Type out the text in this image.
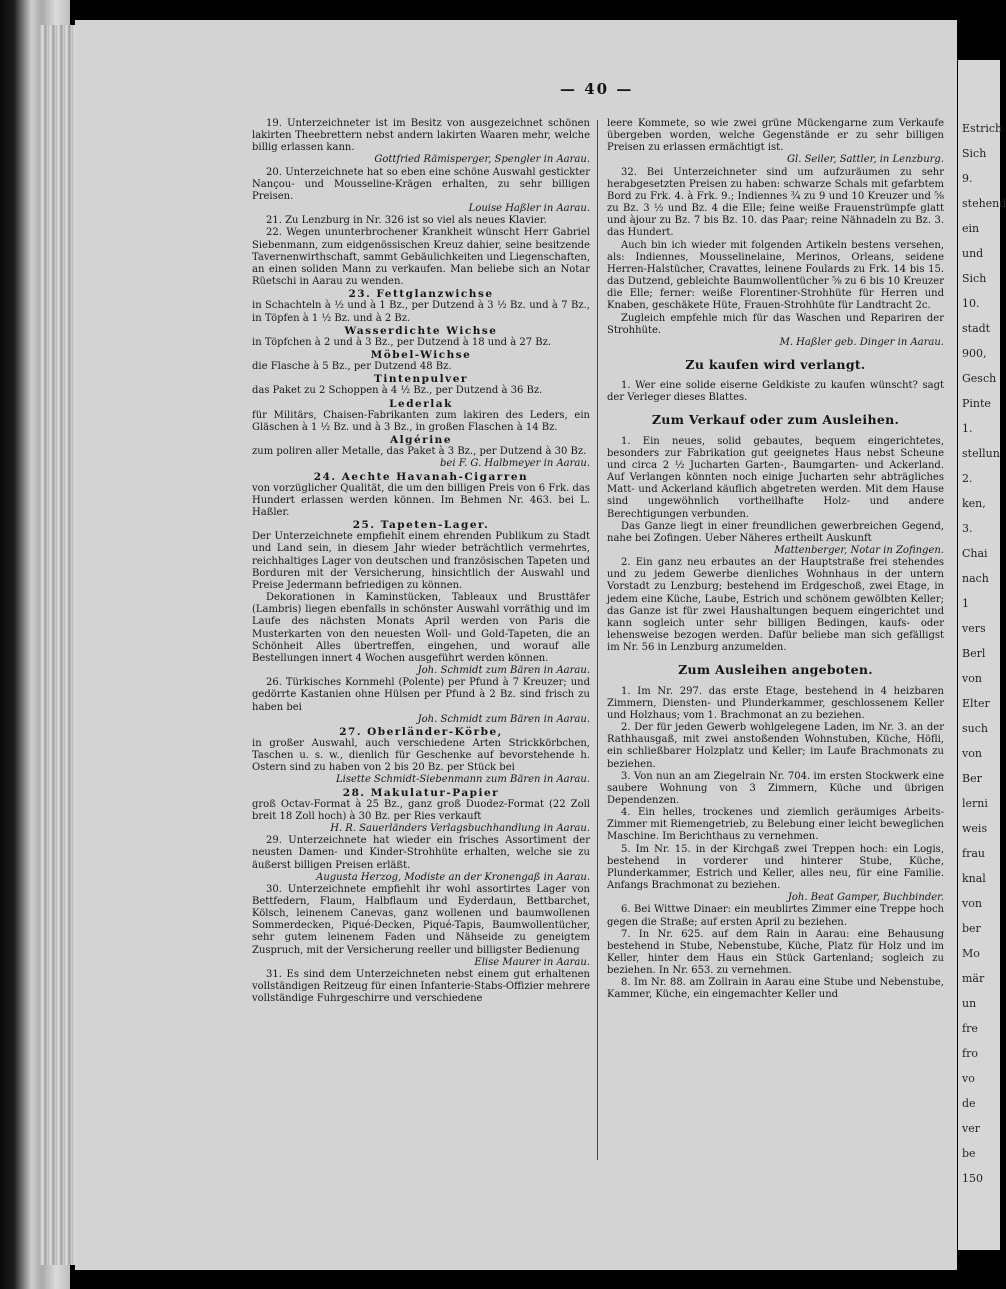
— 40 —

19. Unterzeichneter ist im Besitz von ausgezeichnet schönen lakirten Theebrettern nebst andern lakirten Waaren mehr, welche billig erlassen kann.

Gottfried Rämisperger, Spengler in Aarau.

20. Unterzeichnete hat so eben eine schöne Auswahl gestickter Nançou- und Mousseline-Krägen erhalten, zu sehr billigen Preisen.

Louise Haßler in Aarau.

21. Zu Lenzburg in Nr. 326 ist so viel als neues Klavier.

22. Wegen ununterbrochener Krankheit wünscht Herr Gabriel Siebenmann, zum eidgenössischen Kreuz dahier, seine besitzende Tavernenwirthschaft, sammt Gebäulichkeiten und Liegenschaften, an einen soliden Mann zu verkaufen. Man beliebe sich an Notar Rüetschi in Aarau zu wenden.

23. Fettglanzwichse

in Schachteln à ½ und à 1 Bz., per Dutzend à 3 ½ Bz. und à 7 Bz., in Töpfen à 1 ½ Bz. und à 2 Bz.

Wasserdichte Wichse

in Töpfchen à 2 und à 3 Bz., per Dutzend à 18 und à 27 Bz.

Möbel-Wichse

die Flasche à 5 Bz., per Dutzend 48 Bz.

Tintenpulver

das Paket zu 2 Schoppen à 4 ½ Bz., per Dutzend à 36 Bz.

Lederlak

für Militärs, Chaisen-Fabrikanten zum lakiren des Leders, ein Gläschen à 1 ½ Bz. und à 3 Bz., in großen Flaschen à 14 Bz.

Algérine

zum poliren aller Metalle, das Paket à 3 Bz., per Dutzend à 30 Bz.

bei F. G. Halbmeyer in Aarau.

24. Aechte Havanah-Cigarren

von vorzüglicher Qualität, die um den billigen Preis von 6 Frk. das Hundert erlassen werden können. Im Behmen Nr. 463. bei L. Haßler.

25. Tapeten-Lager.

Der Unterzeichnete empfiehlt einem ehrenden Publikum zu Stadt und Land sein, in diesem Jahr wieder beträchtlich vermehrtes, reichhaltiges Lager von deutschen und französischen Tapeten und Borduren mit der Versicherung, hinsichtlich der Auswahl und Preise Jedermann befriedigen zu können.

Dekorationen in Kaminstücken, Tableaux und Brusttäfer (Lambris) liegen ebenfalls in schönster Auswahl vorräthig und im Laufe des nächsten Monats April werden von Paris die Musterkarten von den neuesten Woll- und Gold-Tapeten, die an Schönheit Alles übertreffen, eingehen, und worauf alle Bestellungen innert 4 Wochen ausgeführt werden können.

Joh. Schmidt zum Bären in Aarau.

26. Türkisches Kornmehl (Polente) per Pfund à 7 Kreuzer; und gedörrte Kastanien ohne Hülsen per Pfund à 2 Bz. sind frisch zu haben bei

Joh. Schmidt zum Bären in Aarau.

27. Oberländer-Körbe,

in großer Auswahl, auch verschiedene Arten Strickkörbchen, Taschen u. s. w., dienlich für Geschenke auf bevorstehende h. Ostern sind zu haben von 2 bis 20 Bz. per Stück bei

Lisette Schmidt-Siebenmann zum Bären in Aarau.

28. Makulatur-Papier

groß Octav-Format à 25 Bz., ganz groß Duodez-Format (22 Zoll breit 18 Zoll hoch) à 30 Bz. per Ries verkauft

H. R. Sauerländers Verlagsbuchhandlung in Aarau.

29. Unterzeichnete hat wieder ein frisches Assortiment der neusten Damen- und Kinder-Strohhüte erhalten, welche sie zu äußerst billigen Preisen erläßt.

Augusta Herzog, Modiste an der Kronengaß in Aarau.

30. Unterzeichnete empfiehlt ihr wohl assortirtes Lager von Bettfedern, Flaum, Halbflaum und Eyderdaun, Bettbarchet, Kölsch, leinenem Canevas, ganz wollenen und baumwollenen Sommerdecken, Piqué-Decken, Piqué-Tapis, Baumwollentücher, sehr gutem leinenem Faden und Nähseide zu geneigtem Zuspruch, mit der Versicherung reeller und billigster Bedienung

Elise Maurer in Aarau.

31. Es sind dem Unterzeichneten nebst einem gut erhaltenen vollständigen Reitzeug für einen Infanterie-Stabs-Offizier mehrere vollständige Fuhrgeschirre und verschiedene

leere Kommete, so wie zwei grüne Mückengarne zum Verkaufe übergeben worden, welche Gegenstände er zu sehr billigen Preisen zu erlassen ermächtigt ist.

Gl. Seiler, Sattler, in Lenzburg.

32. Bei Unterzeichneter sind um aufzuräumen zu sehr herabgesetzten Preisen zu haben: schwarze Schals mit gefarbtem Bord zu Frk. 4. à Frk. 9.; Indiennes ¾ zu 9 und 10 Kreuzer und ⅝ zu Bz. 3 ½ und Bz. 4 die Elle; feine weiße Frauenstrümpfe glatt und àjour zu Bz. 7 bis Bz. 10. das Paar; reine Nähnadeln zu Bz. 3. das Hundert.

Auch bin ich wieder mit folgenden Artikeln bestens versehen, als: Indiennes, Mousselinelaine, Merinos, Orleans, seidene Herren-Halstücher, Cravattes, leinene Foulards zu Frk. 14 bis 15. das Dutzend, gebleichte Baumwollentücher ⅝ zu 6 bis 10 Kreuzer die Elle; ferner: weiße Florentiner-Strohhüte für Herren und Knaben, geschäkete Hüte, Frauen-Strohhüte für Landtracht 2c.

Zugleich empfehle mich für das Waschen und Repariren der Strohhüte.

M. Haßler geb. Dinger in Aarau.

Zu kaufen wird verlangt.

1. Wer eine solide eiserne Geldkiste zu kaufen wünscht? sagt der Verleger dieses Blattes.

Zum Verkauf oder zum Ausleihen.

1. Ein neues, solid gebautes, bequem eingerichtetes, besonders zur Fabrikation gut geeignetes Haus nebst Scheune und circa 2 ½ Jucharten Garten-, Baumgarten- und Ackerland. Auf Verlangen könnten noch einige Jucharten sehr abträgliches Matt- und Ackerland käuflich abgetreten werden. Mit dem Hause sind ungewöhnlich vortheilhafte Holz- und andere Berechtigungen verbunden.

Das Ganze liegt in einer freundlichen gewerbreichen Gegend, nahe bei Zofingen. Ueber Näheres ertheilt Auskunft

Mattenberger, Notar in Zofingen.

2. Ein ganz neu erbautes an der Hauptstraße frei stehendes und zu jedem Gewerbe dienliches Wohnhaus in der untern Vorstadt zu Lenzburg; bestehend im Erdgeschoß, zwei Etage, in jedem eine Küche, Laube, Estrich und schönem gewölbten Keller; das Ganze ist für zwei Haushaltungen bequem eingerichtet und kann sogleich unter sehr billigen Bedingen, kaufs- oder lehensweise bezogen werden. Dafür beliebe man sich gefälligst im Nr. 56 in Lenzburg anzumelden.

Zum Ausleihen angeboten.

1. Im Nr. 297. das erste Etage, bestehend in 4 heizbaren Zimmern, Diensten- und Plunderkammer, geschlossenem Keller und Holzhaus; vom 1. Brachmonat an zu beziehen.

2. Der für jeden Gewerb wohlgelegene Laden, im Nr. 3. an der Rathhausgaß, mit zwei anstoßenden Wohnstuben, Küche, Höfli, ein schließbarer Holzplatz und Keller; im Laufe Brachmonats zu beziehen.

3. Von nun an am Ziegelrain Nr. 704. im ersten Stockwerk eine saubere Wohnung von 3 Zimmern, Küche und übrigen Dependenzen.

4. Ein helles, trockenes und ziemlich geräumiges Arbeits-Zimmer mit Riemengetrieb, zu Belebung einer leicht beweglichen Maschine. Im Berichthaus zu vernehmen.

5. Im Nr. 15. in der Kirchgaß zwei Treppen hoch: ein Logis, bestehend in vorderer und hinterer Stube, Küche, Plunderkammer, Estrich und Keller, alles neu, für eine Familie. Anfangs Brachmonat zu beziehen.

Joh. Beat Gamper, Buchbinder.

6. Bei Wittwe Dinaer: ein meublirtes Zimmer eine Treppe hoch gegen die Straße; auf ersten April zu beziehen.

7. In Nr. 625. auf dem Rain in Aarau: eine Behausung bestehend in Stube, Nebenstube, Küche, Platz für Holz und im Keller, hinter dem Haus ein Stück Gartenland; sogleich zu beziehen. In Nr. 653. zu vernehmen.

8. Im Nr. 88. am Zollrain in Aarau eine Stube und Nebenstube, Kammer, Küche, ein eingemachter Keller und

Estrich
Sich
9.
stehend
ein
und
Sich
10.
stadt
900,
Gesch
Pinte
1.
stellun
2.
ken,
3.
Chai
nach
1
vers
Berl
von
Elter
such
von
Ber
lerni
weis
frau
knal
von
ber
Mo
mär
un
fre
fro
vo
de
ver
be
150
